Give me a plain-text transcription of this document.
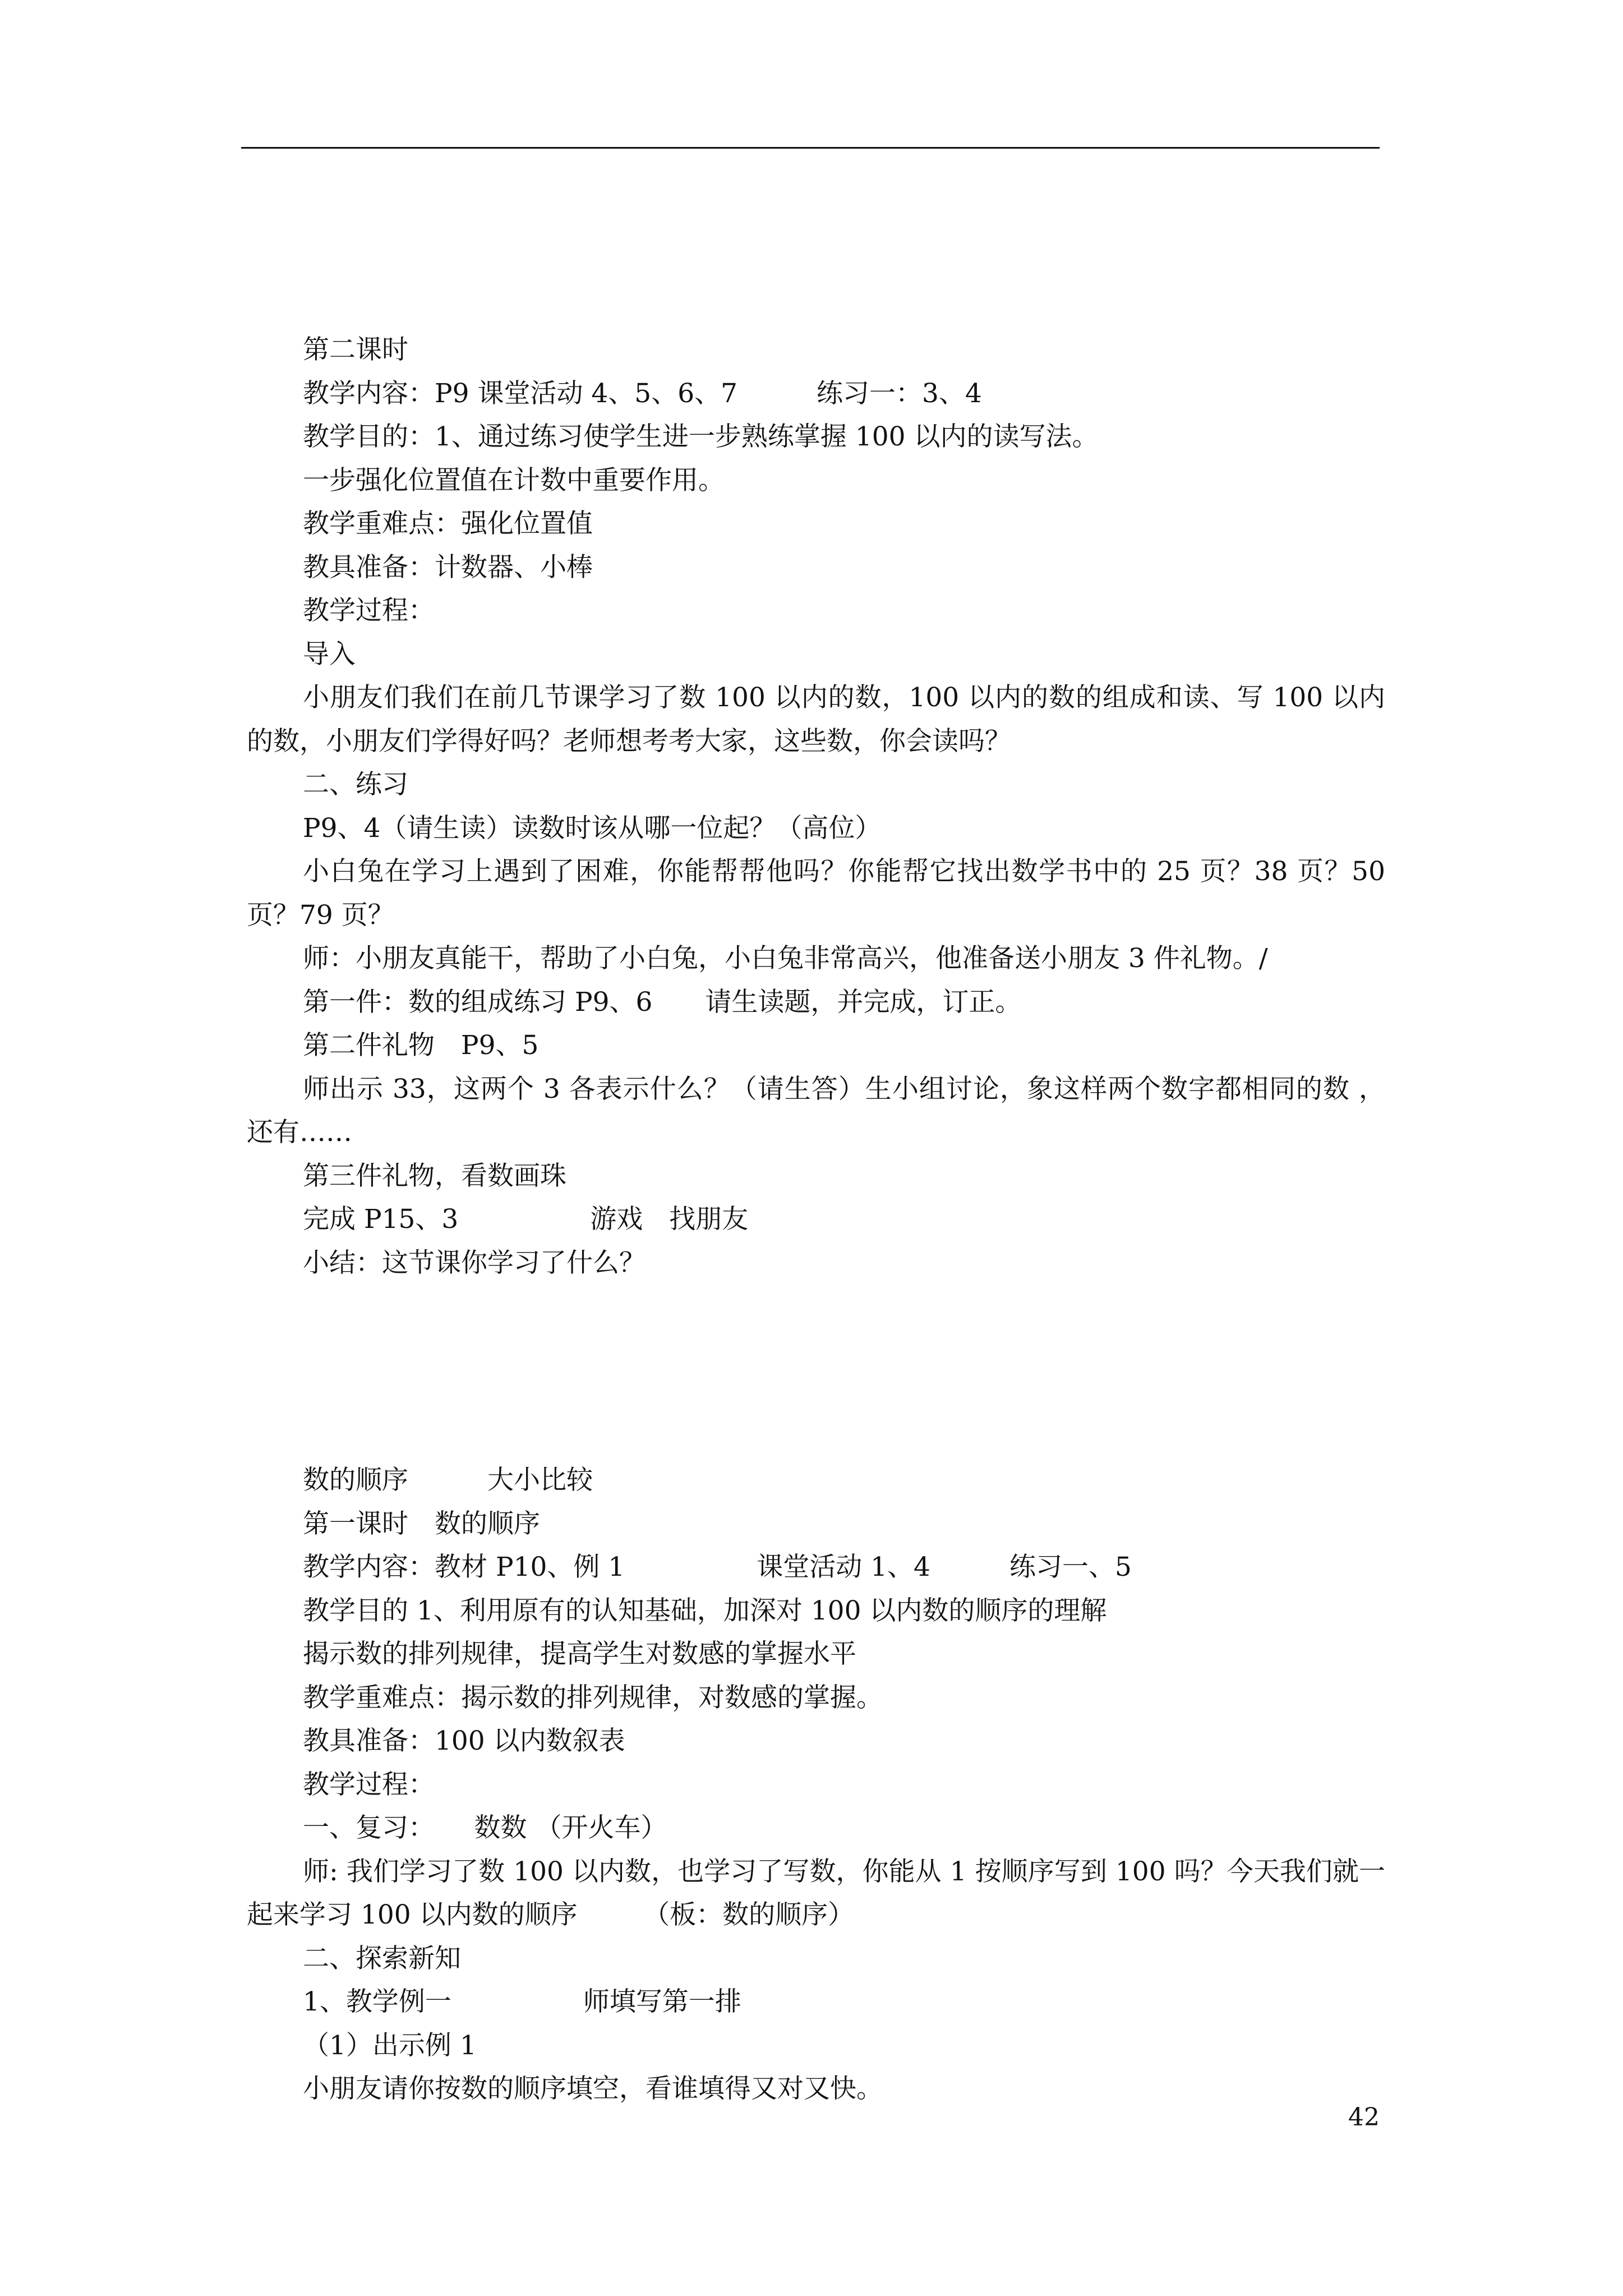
第二课时
教学内容：P9 课堂活动 4、5、6、7　　　练习一：3、4
教学目的：1、通过练习使学生进一步熟练掌握 100 以内的读写法。
一步强化位置值在计数中重要作用。
教学重难点：强化位置值
教具准备：计数器、小棒
教学过程：
导入
小朋友们我们在前几节课学习了数 100 以内的数，100 以内的数的组成和读、写 100 以内的数，小朋友们学得好吗？老师想考考大家，这些数，你会读吗？
二、练习
P9、4（请生读）读数时该从哪一位起？（高位）
小白兔在学习上遇到了困难，你能帮帮他吗？你能帮它找出数学书中的 25 页？38 页？50 页？79 页？
师：小朋友真能干，帮助了小白兔，小白兔非常高兴，他准备送小朋友 3 件礼物。/
第一件：数的组成练习 P9、6　　请生读题，并完成，订正。
第二件礼物　P9、5
师出示 33，这两个 3 各表示什么？（请生答）生小组讨论，象这样两个数字都相同的数 ，还有……
第三件礼物，看数画珠
完成 P15、3　　　　　游戏　找朋友
小结：这节课你学习了什么？
数的顺序　　　大小比较
第一课时　数的顺序
教学内容：教材 P10、例 1　　　　　课堂活动 1、4　　　练习一、5
教学目的 1、利用原有的认知基础，加深对 100 以内数的顺序的理解
揭示数的排列规律，提高学生对数感的掌握水平
教学重难点：揭示数的排列规律，对数感的掌握。
教具准备：100 以内数叙表
教学过程：
一、复习：　　数数 （开火车）
师: 我们学习了数 100 以内数，也学习了写数，你能从 1 按顺序写到 100 吗？今天我们就一起来学习 100 以内数的顺序　　　（板：数的顺序）
二、探索新知
1、教学例一　　　　　师填写第一排
（1）出示例 1
小朋友请你按数的顺序填空，看谁填得又对又快。
42
